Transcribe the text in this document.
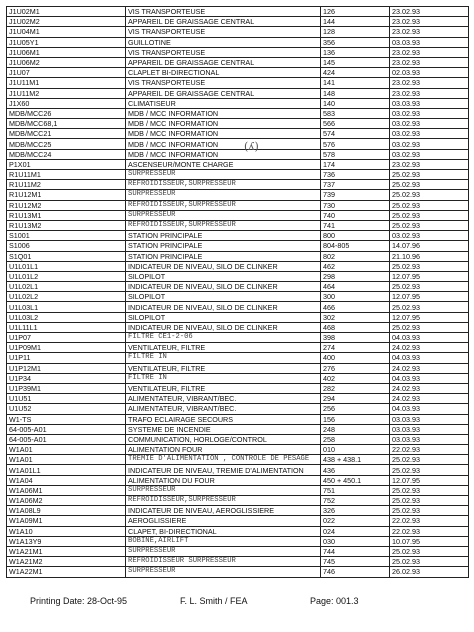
J1U02M1	VIS TRANSPORTEUSE	126	23.02.93
J1U02M2	APPAREIL DE GRAISSAGE CENTRAL	144	23.02.93
J1U04M1	VIS TRANSPORTEUSE	128	23.02.93
J1U05Y1	GUILLOTINE	356	03.03.93
J1U06M1	VIS TRANSPORTEUSE	136	23.02.93
J1U06M2	APPAREIL DE GRAISSAGE CENTRAL	145	23.02.93
J1U07	CLAPLET BI-DIRECTIONAL	424	02.03.93
J1U11M1	VIS TRANSPORTEUSE	141	23.02.93
J1U11M2	APPAREIL DE GRAISSAGE CENTRAL	148	23.02.93
J1X60	CLIMATISEUR	140	03.03.93
MDB/MCC26	MDB / MCC INFORMATION	583	03.02.93
MDB/MCC68,1	MDB / MCC INFORMATION	566	03.02.93
MDB/MCC21	MDB / MCC INFORMATION	574	03.02.93
MDB/MCC25	MDB / MCC INFORMATION	576	03.02.93
MDB/MCC24	MDB / MCC INFORMATION	578	03.02.93
P1X01	ASCENSEUR/MONTE CHARGE	174	23.02.93
R1U11M1	SURPRESSEUR	736	25.02.93
R1U11M2	REFROIDISSEUR,SURPRESSEUR	737	25.02.93
R1U12M1	SURPRESSEUR	739	25.02.93
R1U12M2	REFROIDISSEUR,SURPRESSEUR	730	25.02.93
R1U13M1	SURPRESSEUR	740	25.02.93
R1U13M2	REFROIDISSEUR,SURPRESSEUR	741	25.02.93
S1001	STATION PRINCIPALE	800	03.02.93
S1006	STATION PRINCIPALE	804-805	14.07.96
S1Q01	STATION PRINCIPALE	802	21.10.96
U1L01L1	INDICATEUR DE NIVEAU, SILO DE CLINKER	462	25.02.93
U1L01L2	SILOPILOT	298	12.07.95
U1L02L1	INDICATEUR DE NIVEAU, SILO DE CLINKER	464	25.02.93
U1L02L2	SILOPILOT	300	12.07.95
U1L03L1	INDICATEUR DE NIVEAU, SILO DE CLINKER	466	25.02.93
U1L03L2	SILOPILOT	302	12.07.95
U1L11L1	INDICATEUR DE NIVEAU, SILO DE CLINKER	468	25.02.93
U1P07	FILTRE CE1-2-06	398	04.03.93
U1P09M1	VENTILATEUR, FILTRE	274	24.02.93
U1P11	FILTRE IN	400	04.03.93
U1P12M1	VENTILATEUR, FILTRE	276	24.02.93
U1P34	FILTRE IN	402	04.03.93
U1P39M1	VENTILATEUR, FILTRE	282	24.02.93
U1U51	ALIMENTATEUR, VIBRANT/BEC.	294	24.02.93
U1U52	ALIMENTATEUR, VIBRANT/BEC.	256	04.03.93
W1-TS	TRAFO ECLAIRAGE SECOURS	156	03.03.93
64-005-A01	SYSTEME DE INCENDIE	248	03.03.93
64-005-A01	COMMUNICATION, HORLOGE/CONTROL	258	03.03.93
W1A01	ALIMENTATION FOUR	010	22.02.93
W1A01	TREMIE D'ALIMENTATION , CONTROLE DE PESAGE	438 + 438.1	25.02.93
W1A01L1	INDICATEUR DE NIVEAU, TREMIE D'ALIMENTATION	436	25.02.93
W1A04	ALIMENTATION DU FOUR	450 + 450.1	12.07.95
W1A06M1	SURPRESSEUR	751	25.02.93
W1A06M2	REFROIDISSEUR,SURPRESSEUR	752	25.02.93
W1A08L9	INDICATEUR DE NIVEAU, AEROGLISSIERE	326	25.02.93
W1A09M1	AEROGLISSIERE	022	22.02.93
W1A10	CLAPET, BI-DIRECTIONAL	024	22.02.93
W1A13Y9	BOBINE,AIRLIFT	030	10.07.95
W1A21M1	SURPRESSEUR	744	25.02.93
W1A21M2	REFROIDISSEUR SURPRESSEUR	745	25.02.93
W1A22M1	SURPRESSEUR	746	26.02.93
(ʎ)
Printing Date: 28-Oct-95	F. L. Smith / FEA	Page: 001.3
